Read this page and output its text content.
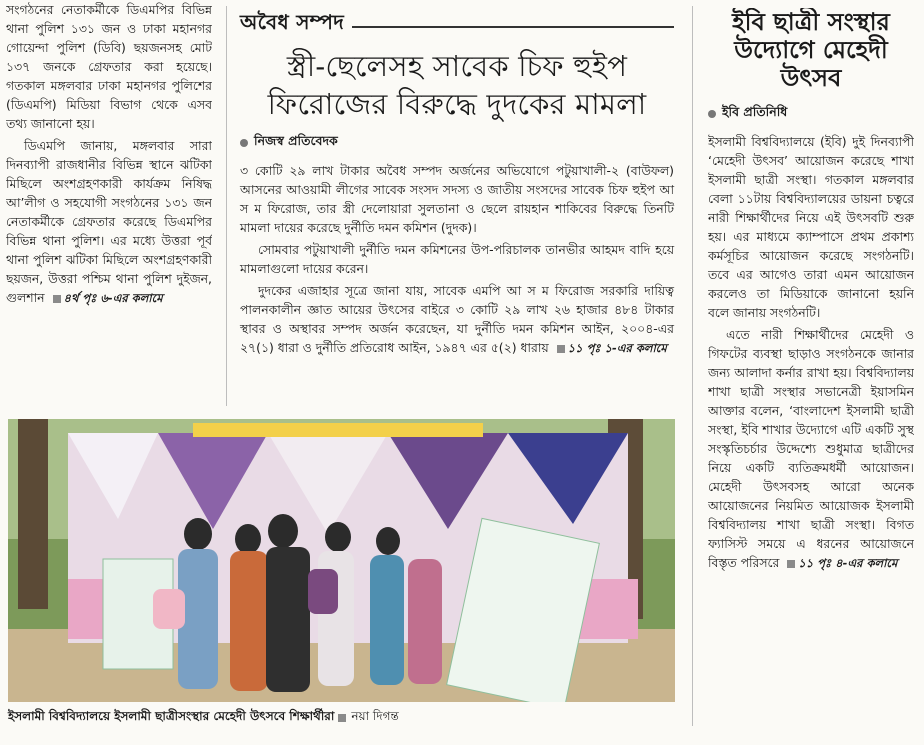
সংগঠনের নেতাকর্মীকে ডিএমপির বিভিন্ন থানা পুলিশ ১৩১ জন ও ঢাকা মহানগর গোয়েন্দা পুলিশ (ডিবি) ছয়জনসহ মোট ১৩৭ জনকে গ্রেফতার করা হয়েছে। গতকাল মঙ্গলবার ঢাকা মহানগর পুলিশের (ডিএমপি) মিডিয়া বিভাগ থেকে এসব তথ্য জানানো হয়।

ডিএমপি জানায়, মঙ্গলবার সারা দিনব্যাপী রাজধানীর বিভিন্ন স্থানে ঝটিকা মিছিলে অংশগ্রহণকারী কার্যক্রম নিষিদ্ধ আ’লীগ ও সহযোগী সংগঠনের ১৩১ জন নেতাকর্মীকে গ্রেফতার করেছে ডিএমপির বিভিন্ন থানা পুলিশ। এর মধ্যে উত্তরা পূর্ব থানা পুলিশ ঝটিকা মিছিলে অংশগ্রহণকারী ছয়জন, উত্তরা পশ্চিম থানা পুলিশ দুইজন, গুলশান ৪র্থ পৃঃ ৬-এর কলামে

অবৈধ সম্পদ
স্ত্রী-ছেলেসহ সাবেক চিফ হুইপ
ফিরোজের বিরুদ্ধে দুদকের মামলা
নিজস্ব প্রতিবেদক

৩ কোটি ২৯ লাখ টাকার অবৈধ সম্পদ অর্জনের অভিযোগে পটুয়াখালী-২ (বাউফল) আসনের আওয়ামী লীগের সাবেক সংসদ সদস্য ও জাতীয় সংসদের সাবেক চিফ হুইপ আ স ম ফিরোজ, তার স্ত্রী দেলোয়ারা সুলতানা ও ছেলে রায়হান শাকিবের বিরুদ্ধে তিনটি মামলা দায়ের করেছে দুর্নীতি দমন কমিশন (দুদক)।

সোমবার পটুয়াখালী দুর্নীতি দমন কমিশনের উপ-পরিচালক তানভীর আহমদ বাদি হয়ে মামলাগুলো দায়ের করেন।

দুদকের এজাহার সূত্রে জানা যায়, সাবেক এমপি আ স ম ফিরোজ সরকারি দায়িত্ব পালনকালীন জ্ঞাত আয়ের উৎসের বাইরে ৩ কোটি ২৯ লাখ ২৬ হাজার ৪৮৪ টাকার স্থাবর ও অস্থাবর সম্পদ অর্জন করেছেন, যা দুর্নীতি দমন কমিশন আইন, ২০০৪-এর ২৭(১) ধারা ও দুর্নীতি প্রতিরোধ আইন, ১৯৪৭ এর ৫(২) ধারায় ১১ পৃঃ ১-এর কলামে

ইবি ছাত্রী সংস্থার উদ্যোগে মেহেদী উৎসব
ইবি প্রতিনিধি

ইসলামী বিশ্ববিদ্যালয়ে (ইবি) দুই দিনব্যাপী ‘মেহেদী উৎসব’ আয়োজন করেছে শাখা ইসলামী ছাত্রী সংস্থা। গতকাল মঙ্গলবার বেলা ১১টায় বিশ্ববিদ্যালয়ের ডায়না চত্বরে নারী শিক্ষার্থীদের নিয়ে এই উৎসবটি শুরু হয়। এর মাধ্যমে ক্যাম্পাসে প্রথম প্রকাশ্য কর্মসূচির আয়োজন করেছে সংগঠনটি। তবে এর আগেও তারা এমন আয়োজন করলেও তা মিডিয়াকে জানানো হয়নি বলে জানায় সংগঠনটি।

এতে নারী শিক্ষার্থীদের মেহেদী ও গিফটের ব্যবস্থা ছাড়াও সংগঠনকে জানার জন্য আলাদা কর্নার রাখা হয়। বিশ্ববিদ্যালয় শাখা ছাত্রী সংস্থার সভানেত্রী ইয়াসমিন আক্তার বলেন, ‘বাংলাদেশ ইসলামী ছাত্রী সংস্থা, ইবি শাখার উদ্যোগে এটি একটি সুস্থ সংস্কৃতিচর্চার উদ্দেশ্যে শুধুমাত্র ছাত্রীদের নিয়ে একটি ব্যতিক্রমধর্মী আয়োজন। মেহেদী উৎসবসহ আরো অনেক আয়োজনের নিয়মিত আয়োজক ইসলামী বিশ্ববিদ্যালয় শাখা ছাত্রী সংস্থা। বিগত ফ্যাসিস্ট সময়ে এ ধরনের আয়োজনে বিস্তৃত পরিসরে ১১ পৃঃ ৪-এর কলামে

ইসলামী বিশ্ববিদ্যালয়ে ইসলামী ছাত্রীসংস্থার মেহেদী উৎসবে শিক্ষার্থীরা নয়া দিগন্ত
